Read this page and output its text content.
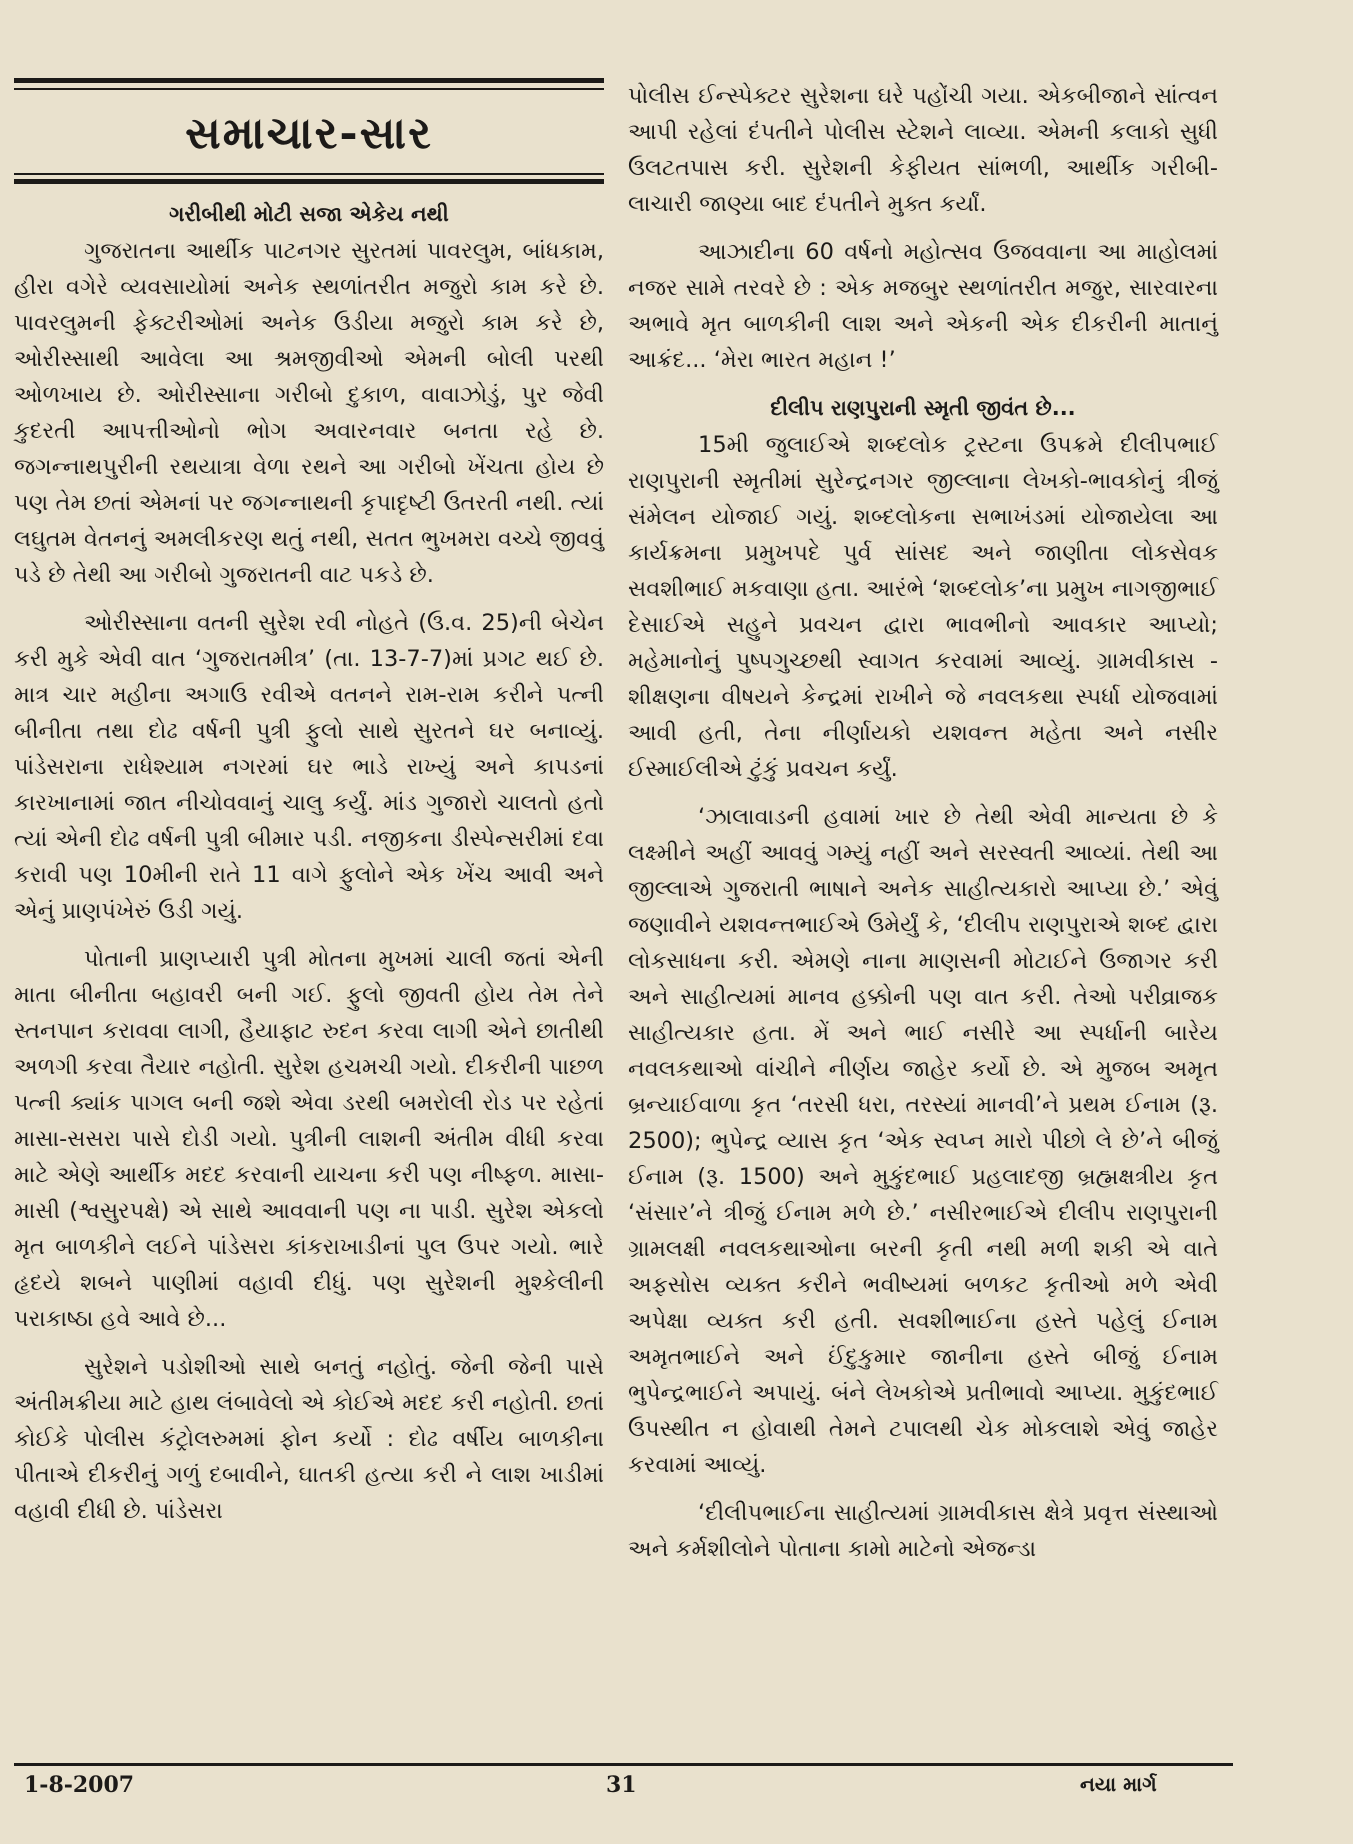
સમાચાર-સાર
ગરીબીથી મોટી સજા એકેય નથી

ગુજરાતના આર્થીક પાટનગર સુરતમાં પાવરલુમ, બાંધકામ, હીરા વગેરે વ્યવસાયોમાં અનેક સ્થળાંતરીત મજુરો કામ કરે છે. પાવરલુમની ફેક્ટરીઓમાં અનેક ઉડીયા મજુરો કામ કરે છે, ઓરીસ્સાથી આવેલા આ શ્રમજીવીઓ એમની બોલી પરથી ઓળખાય છે. ઓરીસ્સાના ગરીબો દુકાળ, વાવાઝોડું, પુર જેવી કુદરતી આપત્તીઓનો ભોગ અવારનવાર બનતા રહે છે. જગન્નાથપુરીની રથયાત્રા વેળા રથને આ ગરીબો ખેંચતા હોય છે પણ તેમ છતાં એમનાં પર જગન્નાથની કૃપાદૃષ્ટી ઉતરતી નથી. ત્યાં લઘુતમ વેતનનું અમલીકરણ થતું નથી, સતત ભુખમરા વચ્ચે જીવવું પડે છે તેથી આ ગરીબો ગુજરાતની વાટ પકડે છે.

ઓરીસ્સાના વતની સુરેશ રવી નોહતે (ઉ.વ. 25)ની બેચેન કરી મુકે એવી વાત ‘ગુજરાતમીત્ર’ (તા. 13-7-7)માં પ્રગટ થઈ છે. માત્ર ચાર મહીના અગાઉ રવીએ વતનને રામ-રામ કરીને પત્ની બીનીતા તથા દોઢ વર્ષની પુત્રી ફુલો સાથે સુરતને ઘર બનાવ્યું. પાંડેસરાના રાધેશ્યામ નગરમાં ઘર ભાડે રાખ્યું અને કાપડનાં કારખાનામાં જાત નીચોવવાનું ચાલુ કર્યું. માંડ ગુજારો ચાલતો હતો ત્યાં એની દોઢ વર્ષની પુત્રી બીમાર પડી. નજીકના ડીસ્પેન્સરીમાં દવા કરાવી પણ 10મીની રાતે 11 વાગે ફુલોને એક ખેંચ આવી અને એનું પ્રાણપંખેરું ઉડી ગયું.

પોતાની પ્રાણપ્યારી પુત્રી મોતના મુખમાં ચાલી જતાં એની માતા બીનીતા બહાવરી બની ગઈ. ફુલો જીવતી હોય તેમ તેને સ્તનપાન કરાવવા લાગી, હૈયાફાટ રુદન કરવા લાગી એને છાતીથી અળગી કરવા તૈયાર નહોતી. સુરેશ હચમચી ગયો. દીકરીની પાછળ પત્ની ક્યાંક પાગલ બની જશે એવા ડરથી બમરોલી રોડ પર રહેતાં માસા-સસરા પાસે દોડી ગયો. પુત્રીની લાશની અંતીમ વીધી કરવા માટે એણે આર્થીક મદદ કરવાની યાચના કરી પણ નીષ્ફળ. માસા-માસી (શ્વસુરપક્ષે) એ સાથે આવવાની પણ ના પાડી. સુરેશ એકલો મૃત બાળકીને લઈને પાંડેસરા કાંકરાખાડીનાં પુલ ઉપર ગયો. ભારે હૃદયે શબને પાણીમાં વહાવી દીધું. પણ સુરેશની મુશ્કેલીની પરાકાષ્ઠા હવે આવે છે...

સુરેશને પડોશીઓ સાથે બનતું નહોતું. જેની જેની પાસે અંતીમક્રીયા માટે હાથ લંબાવેલો એ કોઈએ મદદ કરી નહોતી. છતાં કોઈકે પોલીસ કંટ્રોલરુમમાં ફોન કર્યો : દોઢ વર્ષીય બાળકીના પીતાએ દીકરીનું ગળું દબાવીને, ઘાતકી હત્યા કરી ને લાશ ખાડીમાં વહાવી દીધી છે. પાંડેસરા

પોલીસ ઈન્સ્પેક્ટર સુરેશના ઘરે પહોંચી ગયા. એકબીજાને સાંત્વન આપી રહેલાં દંપતીને પોલીસ સ્ટેશને લાવ્યા. એમની કલાકો સુધી ઉલટતપાસ કરી. સુરેશની કેફીયત સાંભળી, આર્થીક ગરીબી-લાચારી જાણ્યા બાદ દંપતીને મુક્ત કર્યાં.

આઝાદીના 60 વર્ષનો મહોત્સવ ઉજવવાના આ માહોલમાં નજર સામે તરવરે છે : એક મજબુર સ્થળાંતરીત મજુર, સારવારના અભાવે મૃત બાળકીની લાશ અને એકની એક દીકરીની માતાનું આક્રંદ... ‘મેરા ભારત મહાન !’

દીલીપ રાણપુરાની સ્મૃતી જીવંત છે...

15મી જુલાઈએ શબ્દલોક ટ્રસ્ટના ઉપક્રમે દીલીપભાઈ રાણપુરાની સ્મૃતીમાં સુરેન્દ્રનગર જીલ્લાના લેખકો-ભાવકોનું ત્રીજું સંમેલન યોજાઈ ગયું. શબ્દલોકના સભાખંડમાં યોજાયેલા આ કાર્યક્રમના પ્રમુખપદે પુર્વ સાંસદ અને જાણીતા લોકસેવક સવશીભાઈ મકવાણા હતા. આરંભે ‘શબ્દલોક’ના પ્રમુખ નાગજીભાઈ દેસાઈએ સહુને પ્રવચન દ્વારા ભાવભીનો આવકાર આપ્યો; મહેમાનોનું પુષ્પગુચ્છથી સ્વાગત કરવામાં આવ્યું. ગ્રામવીકાસ - શીક્ષણના વીષયને કેન્દ્રમાં રાખીને જે નવલકથા સ્પર્ધા યોજવામાં આવી હતી, તેના નીર્ણાયકો યશવન્ત મહેતા અને નસીર ઈસ્માઈલીએ ટુંકું પ્રવચન કર્યું.

‘ઝાલાવાડની હવામાં ખાર છે તેથી એવી માન્યતા છે કે લક્ષ્મીને અહીં આવવું ગમ્યું નહીં અને સરસ્વતી આવ્યાં. તેથી આ જીલ્લાએ ગુજરાતી ભાષાને અનેક સાહીત્યકારો આપ્યા છે.’ એવું જણાવીને યશવન્તભાઈએ ઉમેર્યું કે, ‘દીલીપ રાણપુરાએ શબ્દ દ્વારા લોકસાધના કરી. એમણે નાના માણસની મોટાઈને ઉજાગર કરી અને સાહીત્યમાં માનવ હક્કોની પણ વાત કરી. તેઓ પરીવ્રાજક સાહીત્યકાર હતા. મેં અને ભાઈ નસીરે આ સ્પર્ધાની બારેય નવલકથાઓ વાંચીને નીર્ણય જાહેર કર્યો છે. એ મુજબ અમૃત બ્રન્યાઈવાળા કૃત ‘તરસી ધરા, તરસ્યાં માનવી’ને પ્રથમ ઈનામ (રૂ. 2500); ભુપેન્દ્ર વ્યાસ કૃત ‘એક સ્વપ્ન મારો પીછો લે છે’ને બીજું ઈનામ (રૂ. 1500) અને મુકુંદભાઈ પ્રહલાદજી બ્રહ્મક્ષત્રીય કૃત ‘સંસાર’ને ત્રીજું ઈનામ મળે છે.’ નસીરભાઈએ દીલીપ રાણપુરાની ગ્રામલક્ષી નવલકથાઓના બરની કૃતી નથી મળી શકી એ વાતે અફસોસ વ્યક્ત કરીને ભવીષ્યમાં બળકટ કૃતીઓ મળે એવી અપેક્ષા વ્યક્ત કરી હતી. સવશીભાઈના હસ્તે પહેલું ઈનામ અમૃતભાઈને અને ઈંદુકુમાર જાનીના હસ્તે બીજું ઈનામ ભુપેન્દ્રભાઈને અપાયું. બંને લેખકોએ પ્રતીભાવો આપ્યા. મુકુંદભાઈ ઉપસ્થીત ન હોવાથી તેમને ટપાલથી ચેક મોકલાશે એવું જાહેર કરવામાં આવ્યું.

‘દીલીપભાઈના સાહીત્યમાં ગ્રામવીકાસ ક્ષેત્રે પ્રવૃત્ત સંસ્થાઓ અને કર્મશીલોને પોતાના કામો માટેનો એજન્ડા

1-8-2007	31	નયા માર્ગ
